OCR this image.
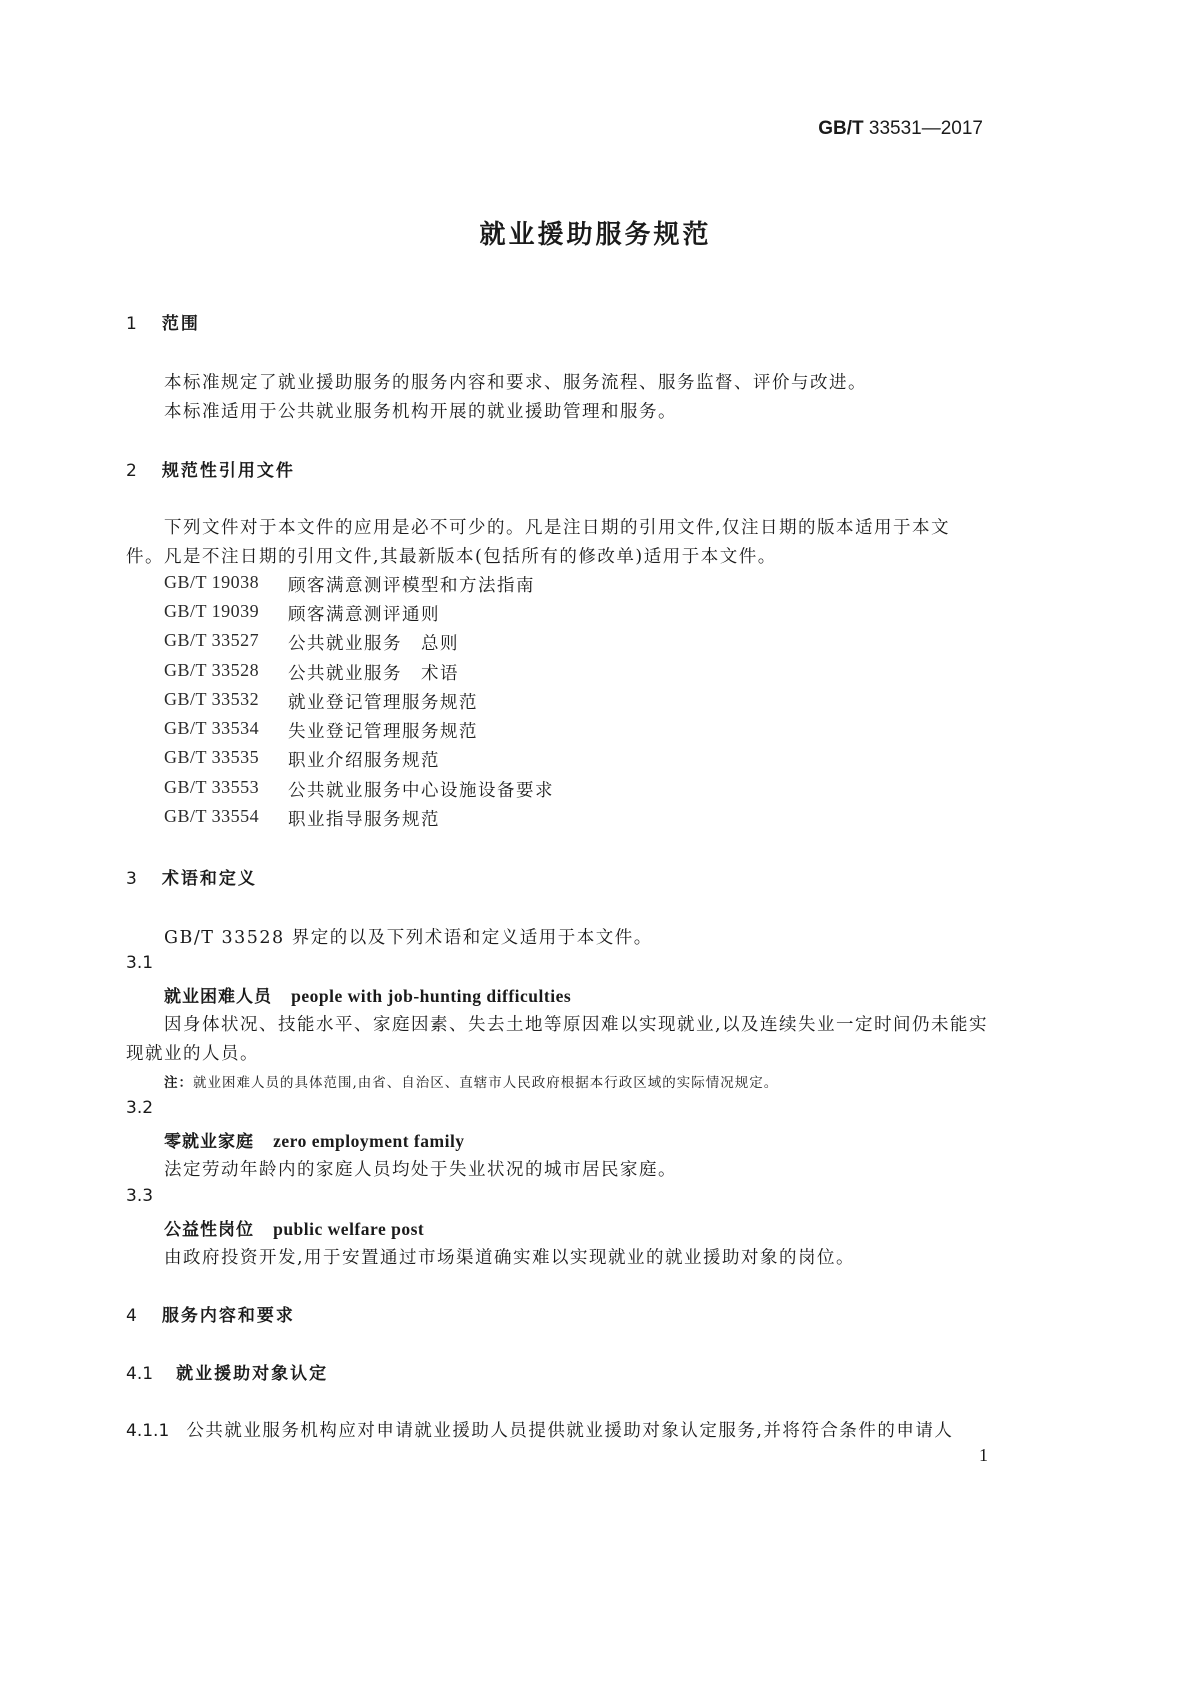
GB/T 33531—2017
就业援助服务规范
1 范围
本标准规定了就业援助服务的服务内容和要求、服务流程、服务监督、评价与改进。
本标准适用于公共就业服务机构开展的就业援助管理和服务。
2 规范性引用文件
下列文件对于本文件的应用是必不可少的。凡是注日期的引用文件,仅注日期的版本适用于本文
件。凡是不注日期的引用文件,其最新版本(包括所有的修改单)适用于本文件。
GB/T 19038 顾客满意测评模型和方法指南
GB/T 19039 顾客满意测评通则
GB/T 33527 公共就业服务　总则
GB/T 33528 公共就业服务　术语
GB/T 33532 就业登记管理服务规范
GB/T 33534 失业登记管理服务规范
GB/T 33535 职业介绍服务规范
GB/T 33553 公共就业服务中心设施设备要求
GB/T 33554 职业指导服务规范
3 术语和定义
GB/T 33528 界定的以及下列术语和定义适用于本文件。
3.1
就业困难人员 people with job-hunting difficulties
因身体状况、技能水平、家庭因素、失去土地等原因难以实现就业,以及连续失业一定时间仍未能实
现就业的人员。
注：就业困难人员的具体范围,由省、自治区、直辖市人民政府根据本行政区域的实际情况规定。
3.2
零就业家庭 zero employment family
法定劳动年龄内的家庭人员均处于失业状况的城市居民家庭。
3.3
公益性岗位 public welfare post
由政府投资开发,用于安置通过市场渠道确实难以实现就业的就业援助对象的岗位。
4 服务内容和要求
4.1 就业援助对象认定
4.1.1 公共就业服务机构应对申请就业援助人员提供就业援助对象认定服务,并将符合条件的申请人
1
